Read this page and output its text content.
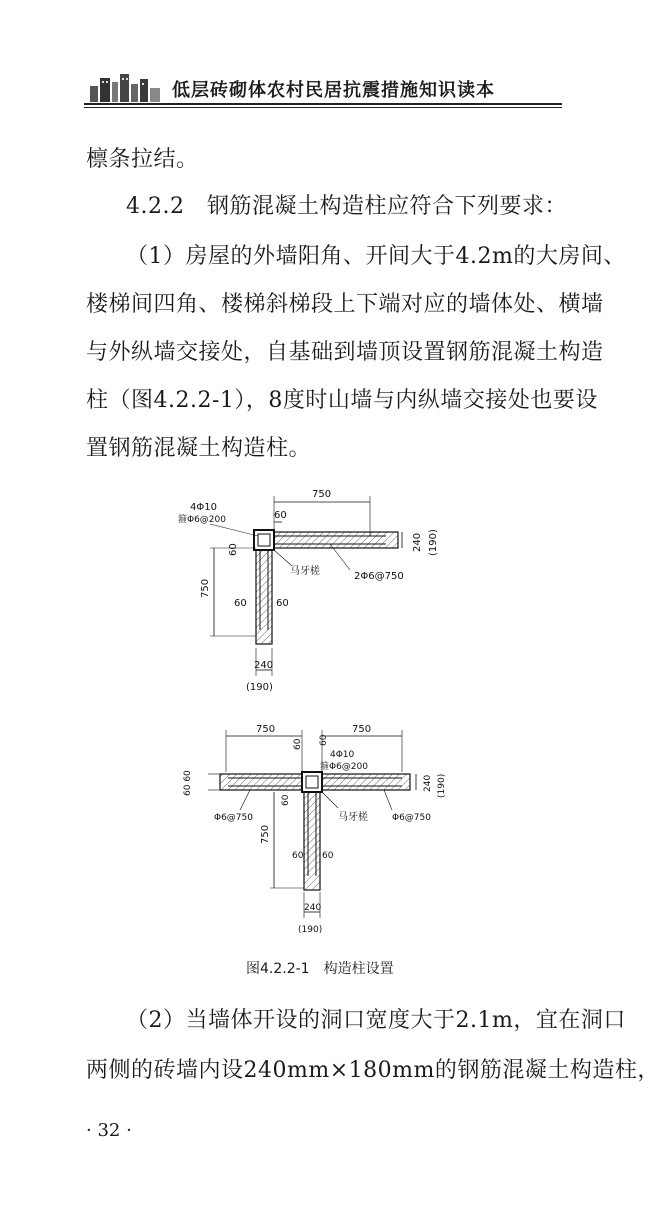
低层砖砌体农村民居抗震措施知识读本
檩条拉结。
4.2.2　钢筋混凝土构造柱应符合下列要求：
（1）房屋的外墙阳角、开间大于4.2m的大房间、
楼梯间四角、楼梯斜梯段上下端对应的墙体处、横墙
与外纵墙交接处，自基础到墙顶设置钢筋混凝土构造
柱（图4.2.2-1），8度时山墙与内纵墙交接处也要设
置钢筋混凝土构造柱。
750
60
4Φ10
箍Φ6@200
750
60
60	60
240
(190)
240 (190)
马牙槎	2Φ6@750
750	750
60 60
4Φ10
箍Φ6@200
60 60	240 (190)
马牙槎
60
Φ6@750	Φ6@750
750
60 60
240
(190)
图4.2.2-1　构造柱设置
（2）当墙体开设的洞口宽度大于2.1m，宜在洞口
两侧的砖墙内设240mm×180mm的钢筋混凝土构造柱，
· 32 ·
